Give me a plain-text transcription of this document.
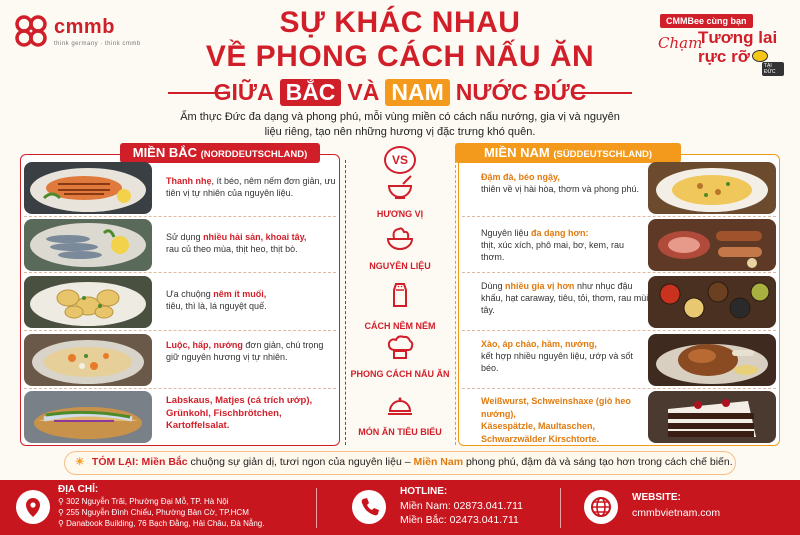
cmmb
think germany · think cmmb
SỰ KHÁC NHAU
VỀ PHONG CÁCH NẤU ĂN
GIỮA BẮC VÀ NAM NƯỚC ĐỨC
CMMBee cùng bạn
Chạm
Tương lai
rực rỡ	TẠI ĐỨC
Ẩm thực Đức đa dạng và phong phú, mỗi vùng miền có cách nấu nướng, gia vị và nguyên liệu riêng, tạo nên những hương vị đặc trưng khó quên.
MIỀN BẮC (NORDDEUTSCHLAND)	MIỀN NAM (SÜDDEUTSCHLAND)
VS
Thanh nhẹ, ít béo, nêm nếm đơn giản, ưu tiên vị tự nhiên của nguyên liệu.
HƯƠNG VỊ
Đậm đà, béo ngậy,
thiên về vị hài hòa, thơm và phong phú.
Sử dụng nhiều hải sản, khoai tây,
rau củ theo mùa, thịt heo, thịt bò.
NGUYÊN LIỆU
Nguyên liệu đa dạng hơn:
thịt, xúc xích, phô mai, bơ, kem, rau thơm.
Ưa chuộng nêm ít muối,
tiêu, thì là, lá nguyệt quế.
CÁCH NÊM NẾM
Dùng nhiều gia vị hơn như nhục đậu khấu, hạt caraway, tiêu, tỏi, thơm, rau mùi tây.
Luộc, hấp, nướng đơn giản, chú trọng giữ nguyên hương vị tự nhiên.
PHONG CÁCH NẤU ĂN
Xào, áp chảo, hầm, nướng,
kết hợp nhiều nguyên liệu, ướp và sốt béo.
Labskaus, Matjes (cá trích ướp),
Grünkohl, Fischbrötchen,
Kartoffelsalat.
MÓN ĂN TIÊU BIỂU
Weißwurst, Schweinshaxe (giò heo nướng),
Käsespätzle, Maultaschen,
Schwarzwälder Kirschtorte.
☀ TÓM LẠI: Miền Bắc chuộng sự giản dị, tươi ngon của nguyên liệu – Miền Nam phong phú, đậm đà và sáng tạo hơn trong cách chế biến.
ĐỊA CHỈ:
⚲ 302 Nguyễn Trãi, Phường Đại Mỗ, TP. Hà Nội
⚲ 255 Nguyễn Đình Chiểu, Phường Bàn Cờ, TP.HCM
⚲ Danabook Building, 76 Bạch Đằng, Hải Châu, Đà Nẵng.
HOTLINE:
Miền Nam: 02873.041.711
Miền Bắc: 02473.041.711
WEBSITE:
cmmbvietnam.com
